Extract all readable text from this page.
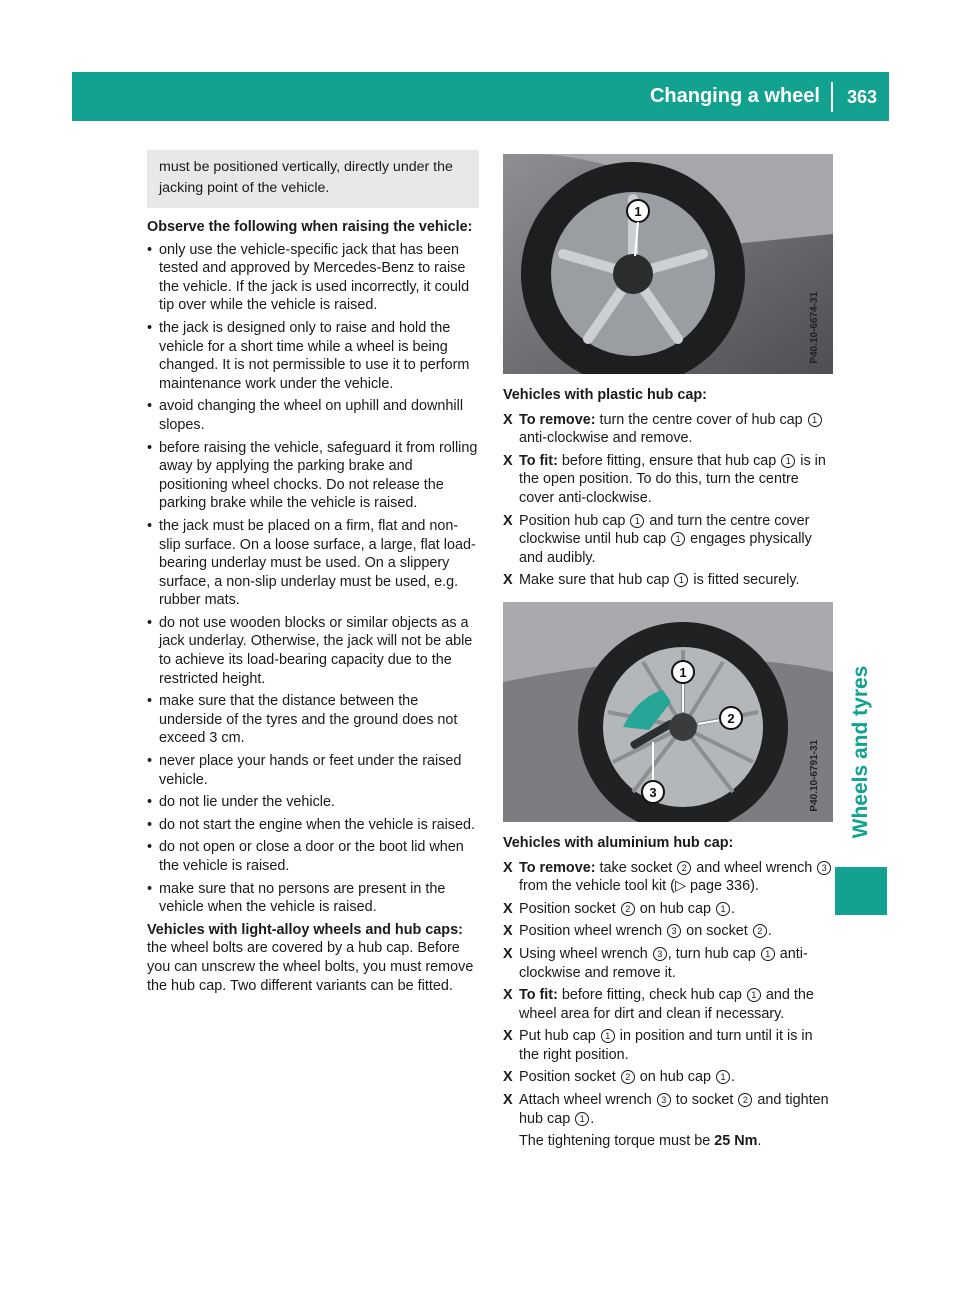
Changing a wheel	363
Wheels and tyres
must be positioned vertically, directly under the jacking point of the vehicle.
Observe the following when raising the vehicle:
• only use the vehicle-specific jack that has been tested and approved by Mercedes-Benz to raise the vehicle. If the jack is used incorrectly, it could tip over while the vehicle is raised.
• the jack is designed only to raise and hold the vehicle for a short time while a wheel is being changed. It is not permissible to use it to perform maintenance work under the vehicle.
• avoid changing the wheel on uphill and downhill slopes.
• before raising the vehicle, safeguard it from rolling away by applying the parking brake and positioning wheel chocks. Do not release the parking brake while the vehicle is raised.
• the jack must be placed on a firm, flat and non-slip surface. On a loose surface, a large, flat load-bearing underlay must be used. On a slippery surface, a non-slip underlay must be used, e.g. rubber mats.
• do not use wooden blocks or similar objects as a jack underlay. Otherwise, the jack will not be able to achieve its load-bearing capacity due to the restricted height.
• make sure that the distance between the underside of the tyres and the ground does not exceed 3 cm.
• never place your hands or feet under the raised vehicle.
• do not lie under the vehicle.
• do not start the engine when the vehicle is raised.
• do not open or close a door or the boot lid when the vehicle is raised.
• make sure that no persons are present in the vehicle when the vehicle is raised.

Vehicles with light-alloy wheels and hub caps: the wheel bolts are covered by a hub cap. Before you can unscrew the wheel bolts, you must remove the hub cap. Two different variants can be fitted.

1
P40.10-6674-31
Vehicles with plastic hub cap:
X To remove: turn the centre cover of hub cap 1 anti-clockwise and remove.
X To fit: before fitting, ensure that hub cap 1 is in the open position. To do this, turn the centre cover anti-clockwise.
X Position hub cap 1 and turn the centre cover clockwise until hub cap 1 engages physically and audibly.
X Make sure that hub cap 1 is fitted securely.
1
2
3	P40.10-6791-31
Vehicles with aluminium hub cap:
X To remove: take socket 2 and wheel wrench 3 from the vehicle tool kit (▷ page 336).
X Position socket 2 on hub cap 1 .
X Position wheel wrench 3 on socket 2 .
X Using wheel wrench 3 , turn hub cap 1 anti-clockwise and remove it.
X To fit: before fitting, check hub cap 1 and the wheel area for dirt and clean if necessary.
X Put hub cap 1 in position and turn until it is in the right position.
X Position socket 2 on hub cap 1 .
X Attach wheel wrench 3 to socket 2 and tighten hub cap 1 .

The tightening torque must be 25 Nm.
